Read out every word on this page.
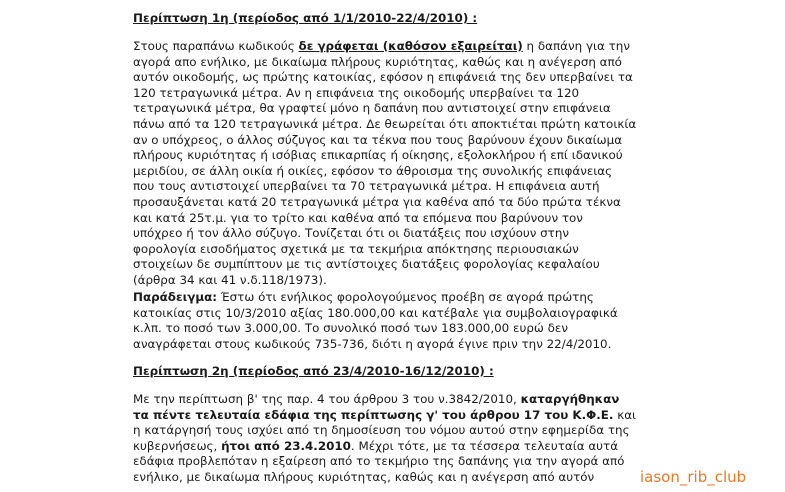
Περίπτωση 1η (περίοδος από 1/1/2010-22/4/2010) :
Στους παραπάνω κωδικούς δε γράφεται (καθόσον εξαιρείται) η δαπάνη για την
αγορά απο ενήλικο, με δικαίωμα πλήρους κυριότητας, καθώς και η ανέγερση από
αυτόν οικοδομής, ως πρώτης κατοικίας, εφόσον η επιφάνειά της δεν υπερβαίνει τα
120 τετραγωνικά μέτρα. Αν η επιφάνεια της οικοδομής υπερβαίνει τα 120
τετραγωνικά μέτρα, θα γραφτεί μόνο η δαπάνη που αντιστοιχεί στην επιφάνεια
πάνω από τα 120 τετραγωνικά μέτρα. Δε θεωρείται ότι αποκτιέται πρώτη κατοικία
αν ο υπόχρεος, ο άλλος σύζυγος και τα τέκνα που τους βαρύνουν έχουν δικαίωμα
πλήρους κυριότητας ή ισόβιας επικαρπίας ή οίκησης, εξολοκλήρου ή επί ιδανικού
μεριδίου, σε άλλη οικία ή οικίες, εφόσον το άθροισμα της συνολικής επιφάνειας
που τους αντιστοιχεί υπερβαίνει τα 70 τετραγωνικά μέτρα. Η επιφάνεια αυτή
προσαυξάνεται κατά 20 τετραγωνικά μέτρα για καθένα από τα δύο πρώτα τέκνα
και κατά 25τ.μ. για το τρίτο και καθένα από τα επόμενα που βαρύνουν τον
υπόχρεο ή τον άλλο σύζυγο. Τονίζεται ότι οι διατάξεις που ισχύουν στην
φορολογία εισοδήματος σχετικά με τα τεκμήρια απόκτησης περιουσιακών
στοιχείων δε συμπίπτουν με τις αντίστοιχες διατάξεις φορολογίας κεφαλαίου
(άρθρα 34 και 41 ν.δ.118/1973).
Παράδειγμα: Έστω ότι ενήλικος φορολογούμενος προέβη σε αγορά πρώτης
κατοικίας στις 10/3/2010 αξίας 180.000,00 και κατέβαλε για συμβολαιογραφικά
κ.λπ. το ποσό των 3.000,00. Το συνολικό ποσό των 183.000,00 ευρώ δεν
αναγράφεται στους κωδικούς 735-736, διότι η αγορά έγινε πριν την 22/4/2010.
Περίπτωση 2η (περίοδος από 23/4/2010-16/12/2010) :
Με την περίπτωση β' της παρ. 4 του άρθρου 3 του ν.3842/2010, καταργήθηκαν
τα πέντε τελευταία εδάφια της περίπτωσης γ' του άρθρου 17 του Κ.Φ.Ε. και
η κατάργησή τους ισχύει από τη δημοσίευση του νόμου αυτού στην εφημερίδα της
κυβερνήσεως, ήτοι από 23.4.2010. Μέχρι τότε, με τα τέσσερα τελευταία αυτά
εδάφια προβλεπόταν η εξαίρεση από το τεκμήριο της δαπάνης για την αγορά από
ενήλικο, με δικαίωμα πλήρους κυριότητας, καθώς και η ανέγερση από αυτόν	iason_rib_club
